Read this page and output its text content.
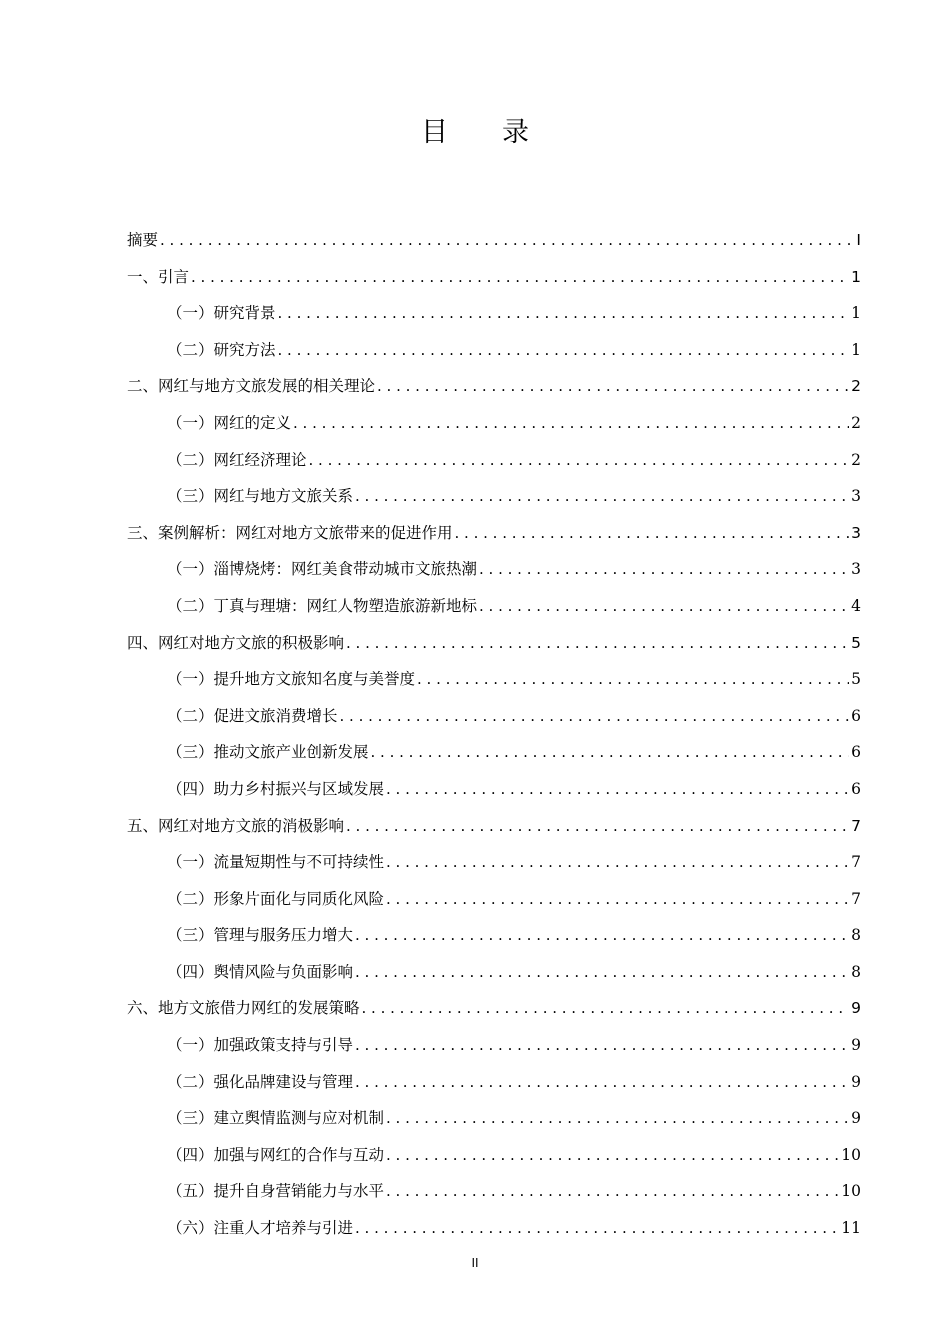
目录
摘要 . . .	I
一、引言 . . .	1
（一）研究背景 . . .	1
（二）研究方法 . . .	1
二、网红与地方文旅发展的相关理论 . . .	2
（一）网红的定义 . . .	2
（二）网红经济理论 . . .	2
（三）网红与地方文旅关系 . . .	3
三、案例解析：网红对地方文旅带来的促进作用 . . .	3
（一）淄博烧烤：网红美食带动城市文旅热潮 . . .	3
（二）丁真与理塘：网红人物塑造旅游新地标 . . .	4
四、网红对地方文旅的积极影响 . . .	5
（一）提升地方文旅知名度与美誉度 . . .	5
（二）促进文旅消费增长 . . .	6
（三）推动文旅产业创新发展 . . .	6
（四）助力乡村振兴与区域发展 . . .	6
五、网红对地方文旅的消极影响 . . .	7
（一）流量短期性与不可持续性 . . .	7
（二）形象片面化与同质化风险 . . .	7
（三）管理与服务压力增大 . . .	8
（四）舆情风险与负面影响 . . .	8
六、地方文旅借力网红的发展策略 . . .	9
（一）加强政策支持与引导 . . .	9
（二）强化品牌建设与管理 . . .	9
（三）建立舆情监测与应对机制 . . .	9
（四）加强与网红的合作与互动 . . .	10
（五）提升自身营销能力与水平 . . .	10
（六）注重人才培养与引进 . . .	11
II
